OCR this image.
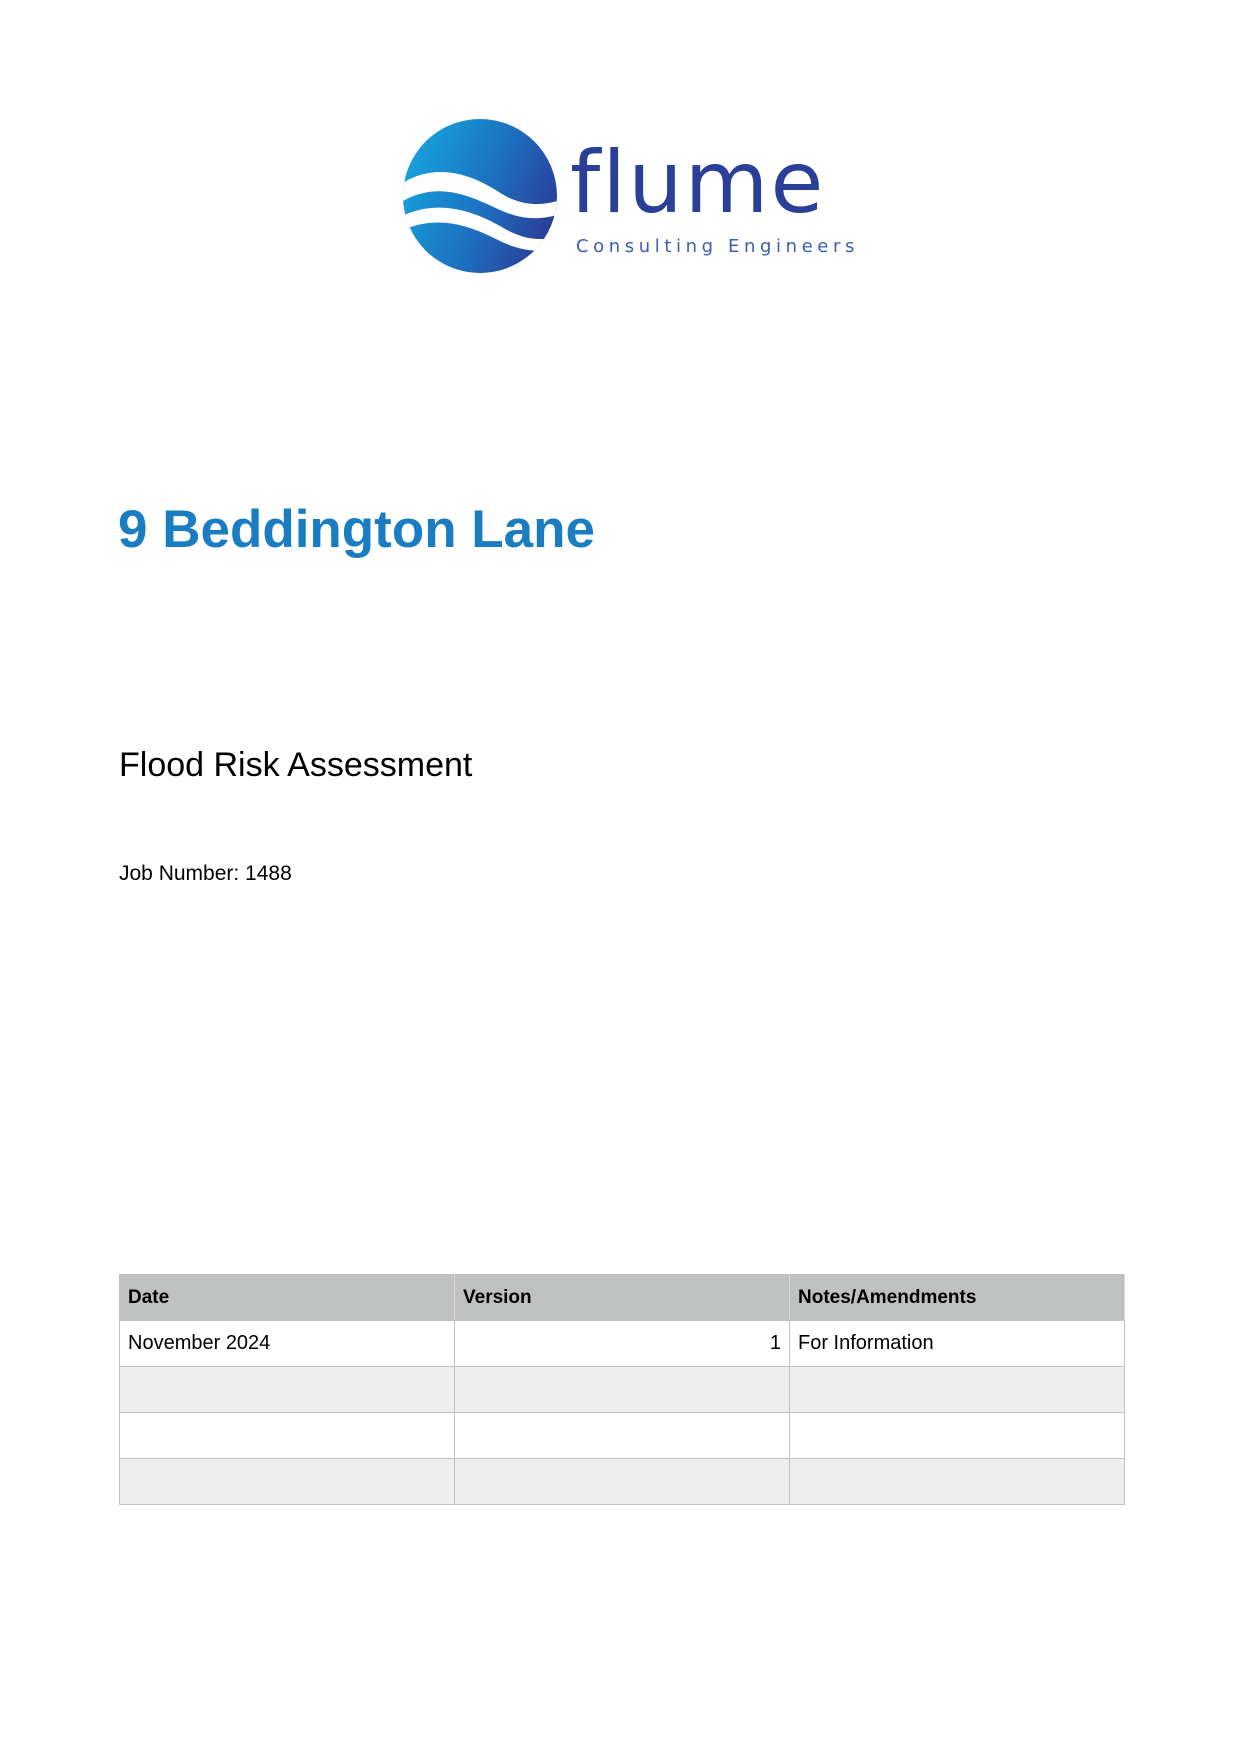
flume
Consulting Engineers
9 Beddington Lane
Flood Risk Assessment
Job Number: 1488
Date	Version	Notes/Amendments
November 2024	1	For Information
